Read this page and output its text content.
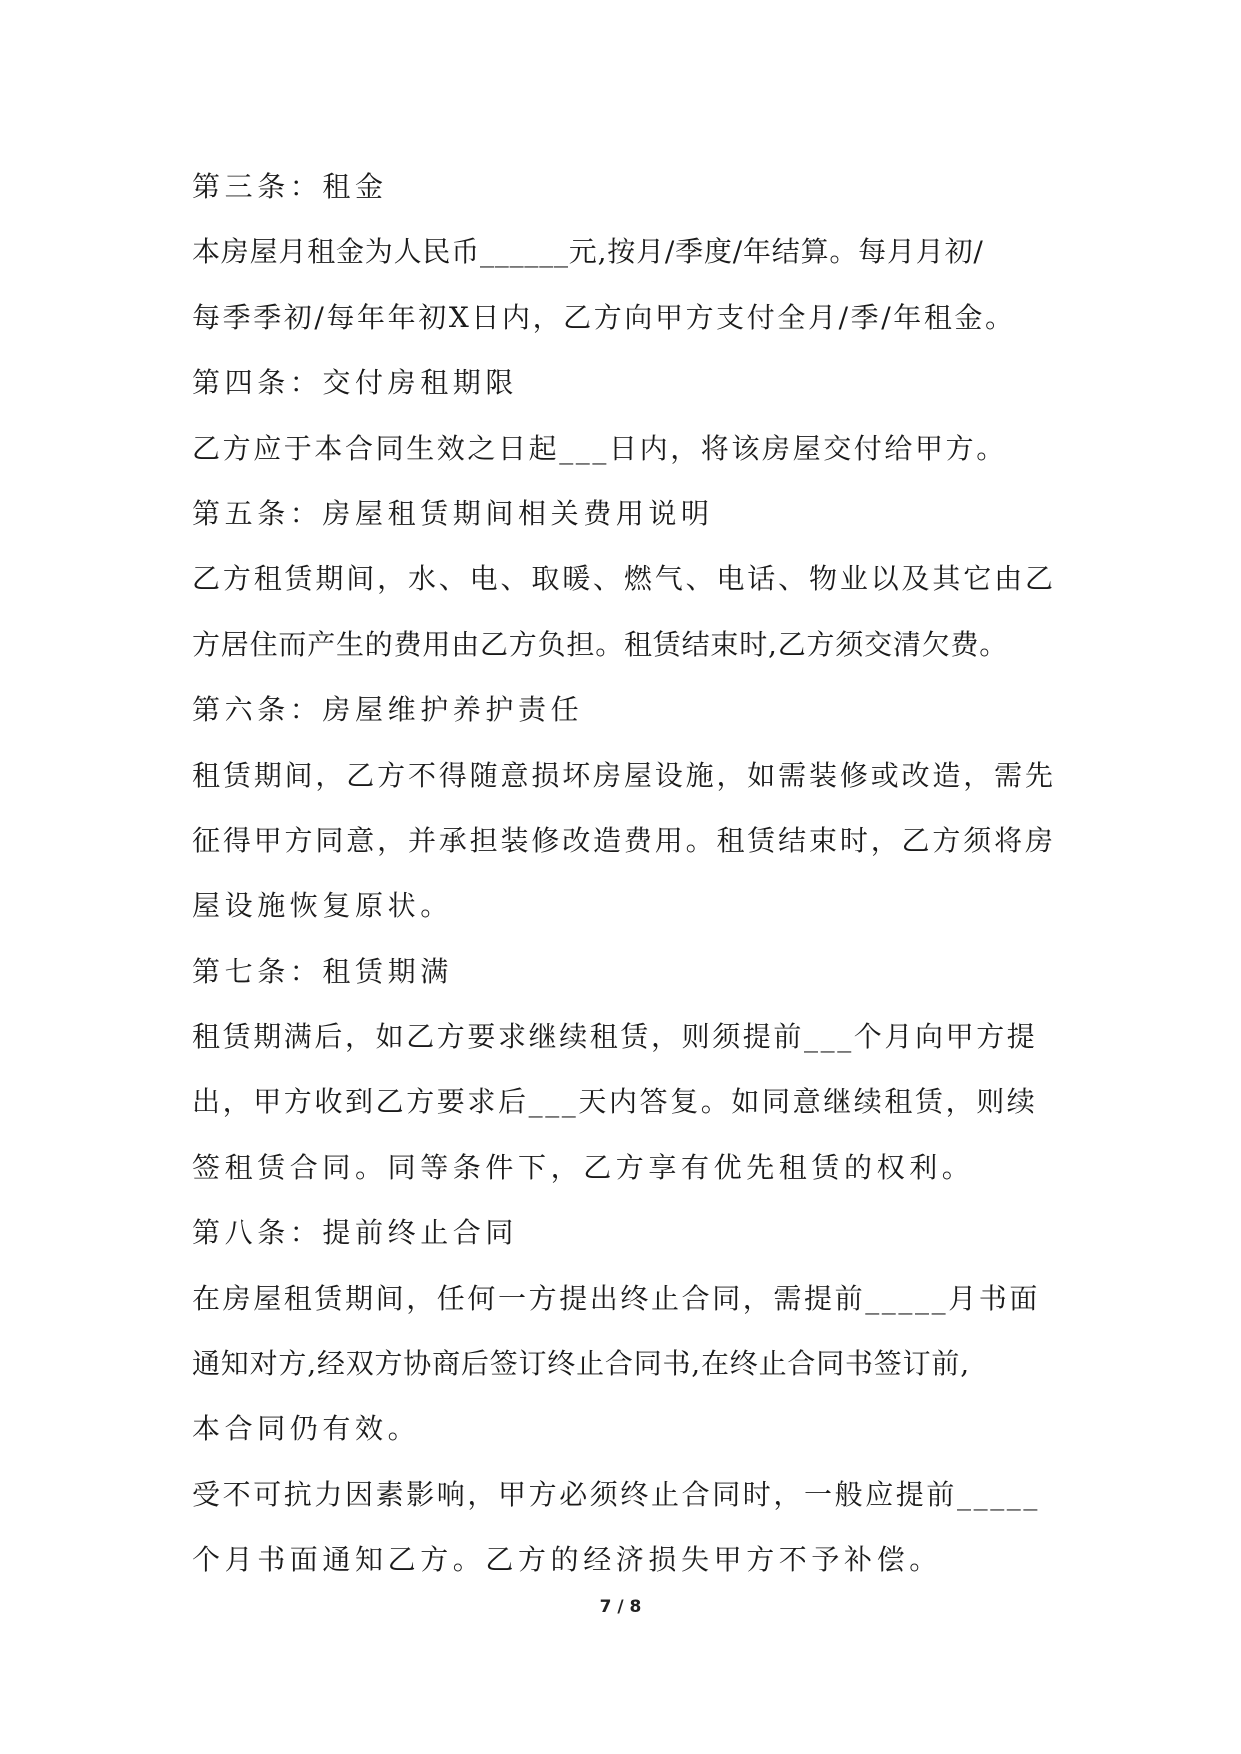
第三条：租金
本房屋月租金为人民币______元,按月/季度/年结算。每月月初/
每季季初/每年年初X日内，乙方向甲方支付全月/季/年租金。
第四条：交付房租期限
乙方应于本合同生效之日起___日内，将该房屋交付给甲方。
第五条：房屋租赁期间相关费用说明
乙方租赁期间，水、电、取暖、燃气、电话、物业以及其它由乙
方居住而产生的费用由乙方负担。租赁结束时,乙方须交清欠费。
第六条：房屋维护养护责任
租赁期间，乙方不得随意损坏房屋设施，如需装修或改造，需先
征得甲方同意，并承担装修改造费用。租赁结束时，乙方须将房
屋设施恢复原状。
第七条：租赁期满
租赁期满后，如乙方要求继续租赁，则须提前___个月向甲方提
出，甲方收到乙方要求后___天内答复。如同意继续租赁，则续
签租赁合同。同等条件下，乙方享有优先租赁的权利。
第八条：提前终止合同
在房屋租赁期间，任何一方提出终止合同，需提前_____月书面
通知对方,经双方协商后签订终止合同书,在终止合同书签订前,
本合同仍有效。
受不可抗力因素影响，甲方必须终止合同时，一般应提前_____
个月书面通知乙方。乙方的经济损失甲方不予补偿。
7 / 8
